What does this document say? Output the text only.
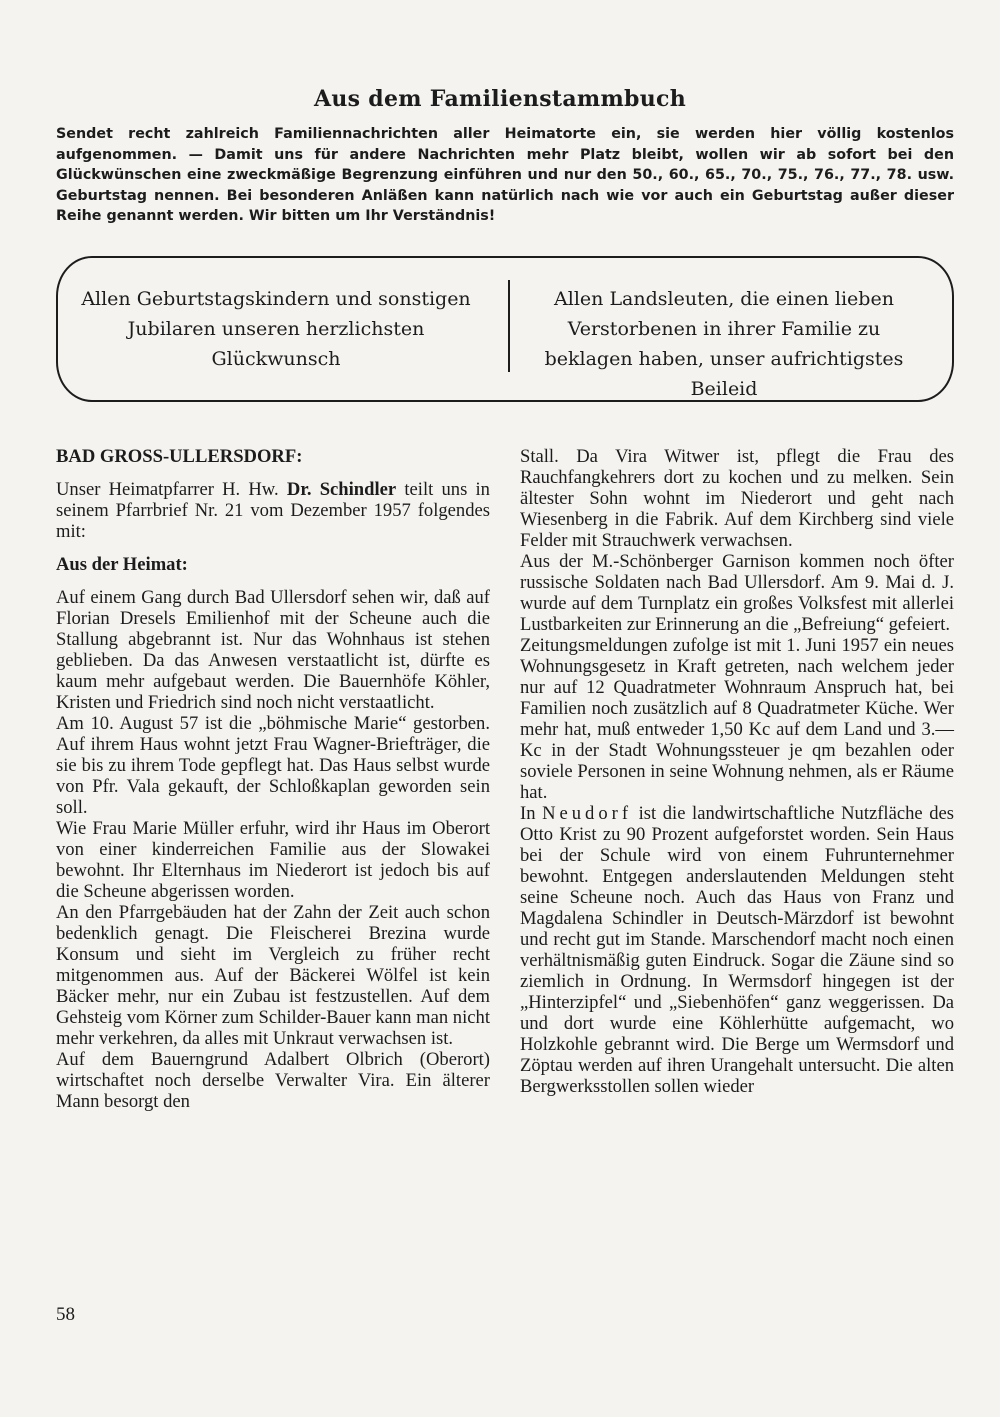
Aus dem Familienstammbuch

Sendet recht zahlreich Familiennachrichten aller Heimatorte ein, sie werden hier völlig kostenlos aufgenommen. — Damit uns für andere Nachrichten mehr Platz bleibt, wollen wir ab sofort bei den Glückwünschen eine zweckmäßige Begrenzung einführen und nur den 50., 60., 65., 70., 75., 76., 77., 78. usw. Geburtstag nennen. Bei besonderen Anläßen kann natürlich nach wie vor auch ein Geburtstag außer dieser Reihe genannt werden. Wir bitten um Ihr Verständnis!

Allen Geburtstagskindern und sonstigen Jubilaren unseren herzlichsten Glückwunsch
Allen Landsleuten, die einen lieben Verstorbenen in ihrer Familie zu beklagen haben, unser aufrichtigstes Beileid

BAD GROSS-ULLERSDORF:

Unser Heimatpfarrer H. Hw. Dr. Schindler teilt uns in seinem Pfarrbrief Nr. 21 vom Dezember 1957 folgendes mit:

Aus der Heimat:

Auf einem Gang durch Bad Ullersdorf sehen wir, daß auf Florian Dresels Emilienhof mit der Scheune auch die Stallung abgebrannt ist. Nur das Wohnhaus ist stehen geblieben. Da das Anwesen verstaatlicht ist, dürfte es kaum mehr aufgebaut werden. Die Bauernhöfe Köhler, Kristen und Friedrich sind noch nicht verstaatlicht.

Am 10. August 57 ist die „böhmische Marie“ gestorben. Auf ihrem Haus wohnt jetzt Frau Wagner-Briefträger, die sie bis zu ihrem Tode gepflegt hat. Das Haus selbst wurde von Pfr. Vala gekauft, der Schloßkaplan geworden sein soll.

Wie Frau Marie Müller erfuhr, wird ihr Haus im Oberort von einer kinderreichen Familie aus der Slowakei bewohnt. Ihr Elternhaus im Niederort ist jedoch bis auf die Scheune abgerissen worden.

An den Pfarrgebäuden hat der Zahn der Zeit auch schon bedenklich genagt. Die Fleischerei Brezina wurde Konsum und sieht im Vergleich zu früher recht mitgenommen aus. Auf der Bäckerei Wölfel ist kein Bäcker mehr, nur ein Zubau ist festzustellen. Auf dem Gehsteig vom Körner zum Schilder-Bauer kann man nicht mehr verkehren, da alles mit Unkraut verwachsen ist.

Auf dem Bauerngrund Adalbert Olbrich (Oberort) wirtschaftet noch derselbe Verwalter Vira. Ein älterer Mann besorgt den

Stall. Da Vira Witwer ist, pflegt die Frau des Rauchfangkehrers dort zu kochen und zu melken. Sein ältester Sohn wohnt im Niederort und geht nach Wiesenberg in die Fabrik. Auf dem Kirchberg sind viele Felder mit Strauchwerk verwachsen.

Aus der M.-Schönberger Garnison kommen noch öfter russische Soldaten nach Bad Ullersdorf. Am 9. Mai d. J. wurde auf dem Turnplatz ein großes Volksfest mit allerlei Lustbarkeiten zur Erinnerung an die „Befreiung“ gefeiert.

Zeitungsmeldungen zufolge ist mit 1. Juni 1957 ein neues Wohnungsgesetz in Kraft getreten, nach welchem jeder nur auf 12 Quadratmeter Wohnraum Anspruch hat, bei Familien noch zusätzlich auf 8 Quadratmeter Küche. Wer mehr hat, muß entweder 1,50 Kc auf dem Land und 3.— Kc in der Stadt Wohnungssteuer je qm bezahlen oder soviele Personen in seine Wohnung nehmen, als er Räume hat.

In Neudorf ist die landwirtschaftliche Nutzfläche des Otto Krist zu 90 Prozent aufgeforstet worden. Sein Haus bei der Schule wird von einem Fuhrunternehmer bewohnt. Entgegen anderslautenden Meldungen steht seine Scheune noch. Auch das Haus von Franz und Magdalena Schindler in Deutsch-Märzdorf ist bewohnt und recht gut im Stande. Marschendorf macht noch einen verhältnismäßig guten Eindruck. Sogar die Zäune sind so ziemlich in Ordnung. In Wermsdorf hingegen ist der „Hinterzipfel“ und „Siebenhöfen“ ganz weggerissen. Da und dort wurde eine Köhlerhütte aufgemacht, wo Holzkohle gebrannt wird. Die Berge um Wermsdorf und Zöptau werden auf ihren Urangehalt untersucht. Die alten Bergwerksstollen sollen wieder

58
